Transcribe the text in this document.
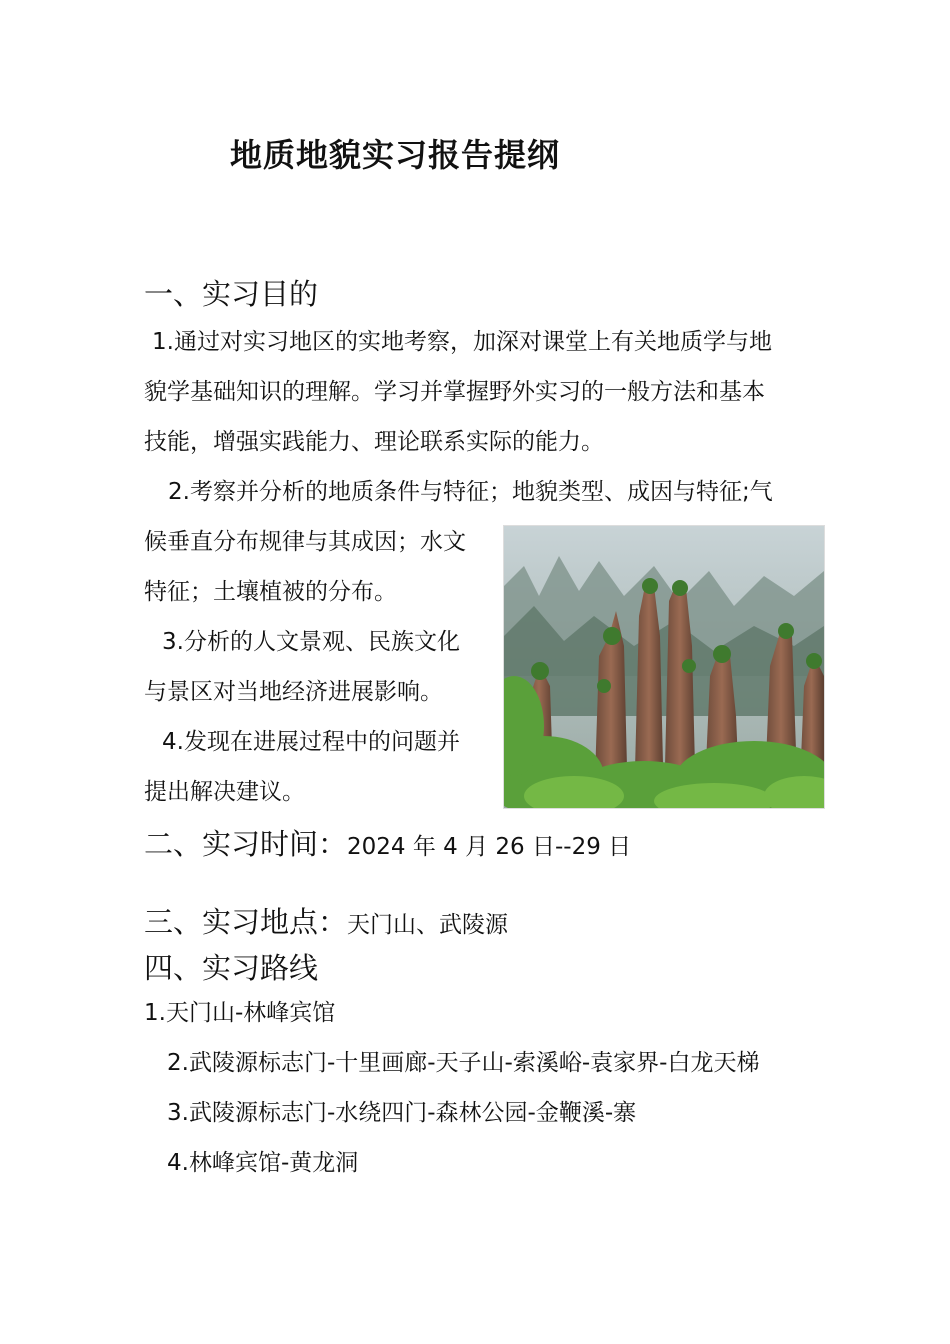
地质地貌实习报告提纲
一、实习目的
1.通过对实习地区的实地考察，加深对课堂上有关地质学与地
貌学基础知识的理解。学习并掌握野外实习的一般方法和基本
技能，增强实践能力、理论联系实际的能力。
2.考察并分析的地质条件与特征；地貌类型、成因与特征;气
候垂直分布规律与其成因；水文
特征；土壤植被的分布。
3.分析的人文景观、民族文化
与景区对当地经济进展影响。
4.发现在进展过程中的问题并
提出解决建议。
二、实习时间：2024 年 4 月 26 日--29 日
三、实习地点：天门山、武陵源
四、实习路线
1.天门山-林峰宾馆
2.武陵源标志门-十里画廊-天子山-索溪峪-袁家界-白龙天梯
3.武陵源标志门-水绕四门-森林公园-金鞭溪-寨
4.林峰宾馆-黄龙洞
